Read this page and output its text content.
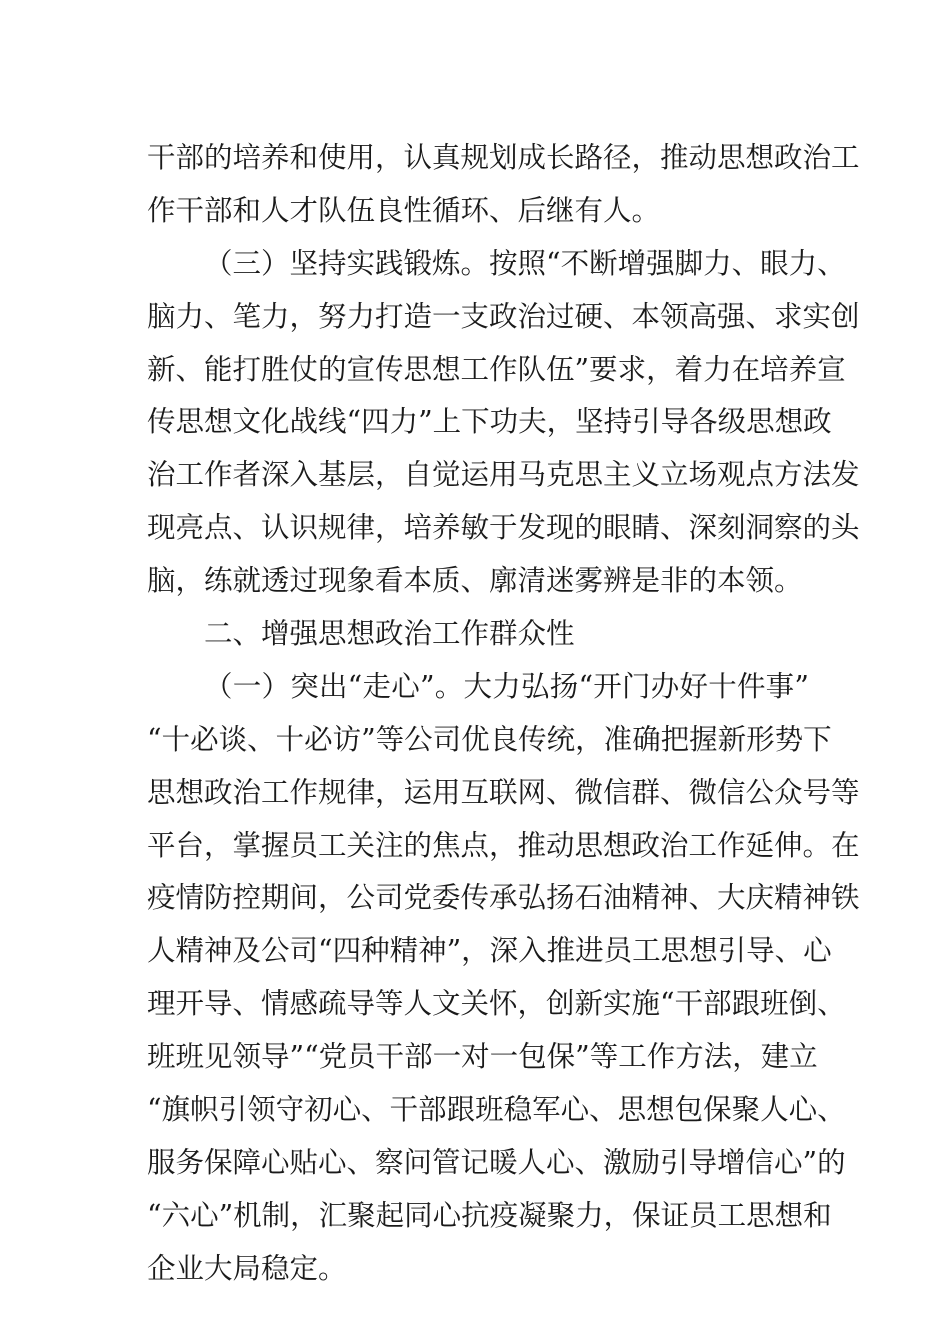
干部的培养和使用，认真规划成长路径，推动思想政治工
作干部和人才队伍良性循环、后继有人。
（三）坚持实践锻炼。按照“不断增强脚力、眼力、
脑力、笔力，努力打造一支政治过硬、本领高强、求实创
新、能打胜仗的宣传思想工作队伍”要求，着力在培养宣
传思想文化战线“四力”上下功夫，坚持引导各级思想政
治工作者深入基层，自觉运用马克思主义立场观点方法发
现亮点、认识规律，培养敏于发现的眼睛、深刻洞察的头
脑，练就透过现象看本质、廓清迷雾辨是非的本领。
二、增强思想政治工作群众性
（一）突出“走心”。大力弘扬“开门办好十件事”
“十必谈、十必访”等公司优良传统，准确把握新形势下
思想政治工作规律，运用互联网、微信群、微信公众号等
平台，掌握员工关注的焦点，推动思想政治工作延伸。在
疫情防控期间，公司党委传承弘扬石油精神、大庆精神铁
人精神及公司“四种精神”，深入推进员工思想引导、心
理开导、情感疏导等人文关怀，创新实施“干部跟班倒、
班班见领导”“党员干部一对一包保”等工作方法，建立
“旗帜引领守初心、干部跟班稳军心、思想包保聚人心、
服务保障心贴心、察问管记暖人心、激励引导增信心”的
“六心”机制，汇聚起同心抗疫凝聚力，保证员工思想和
企业大局稳定。
